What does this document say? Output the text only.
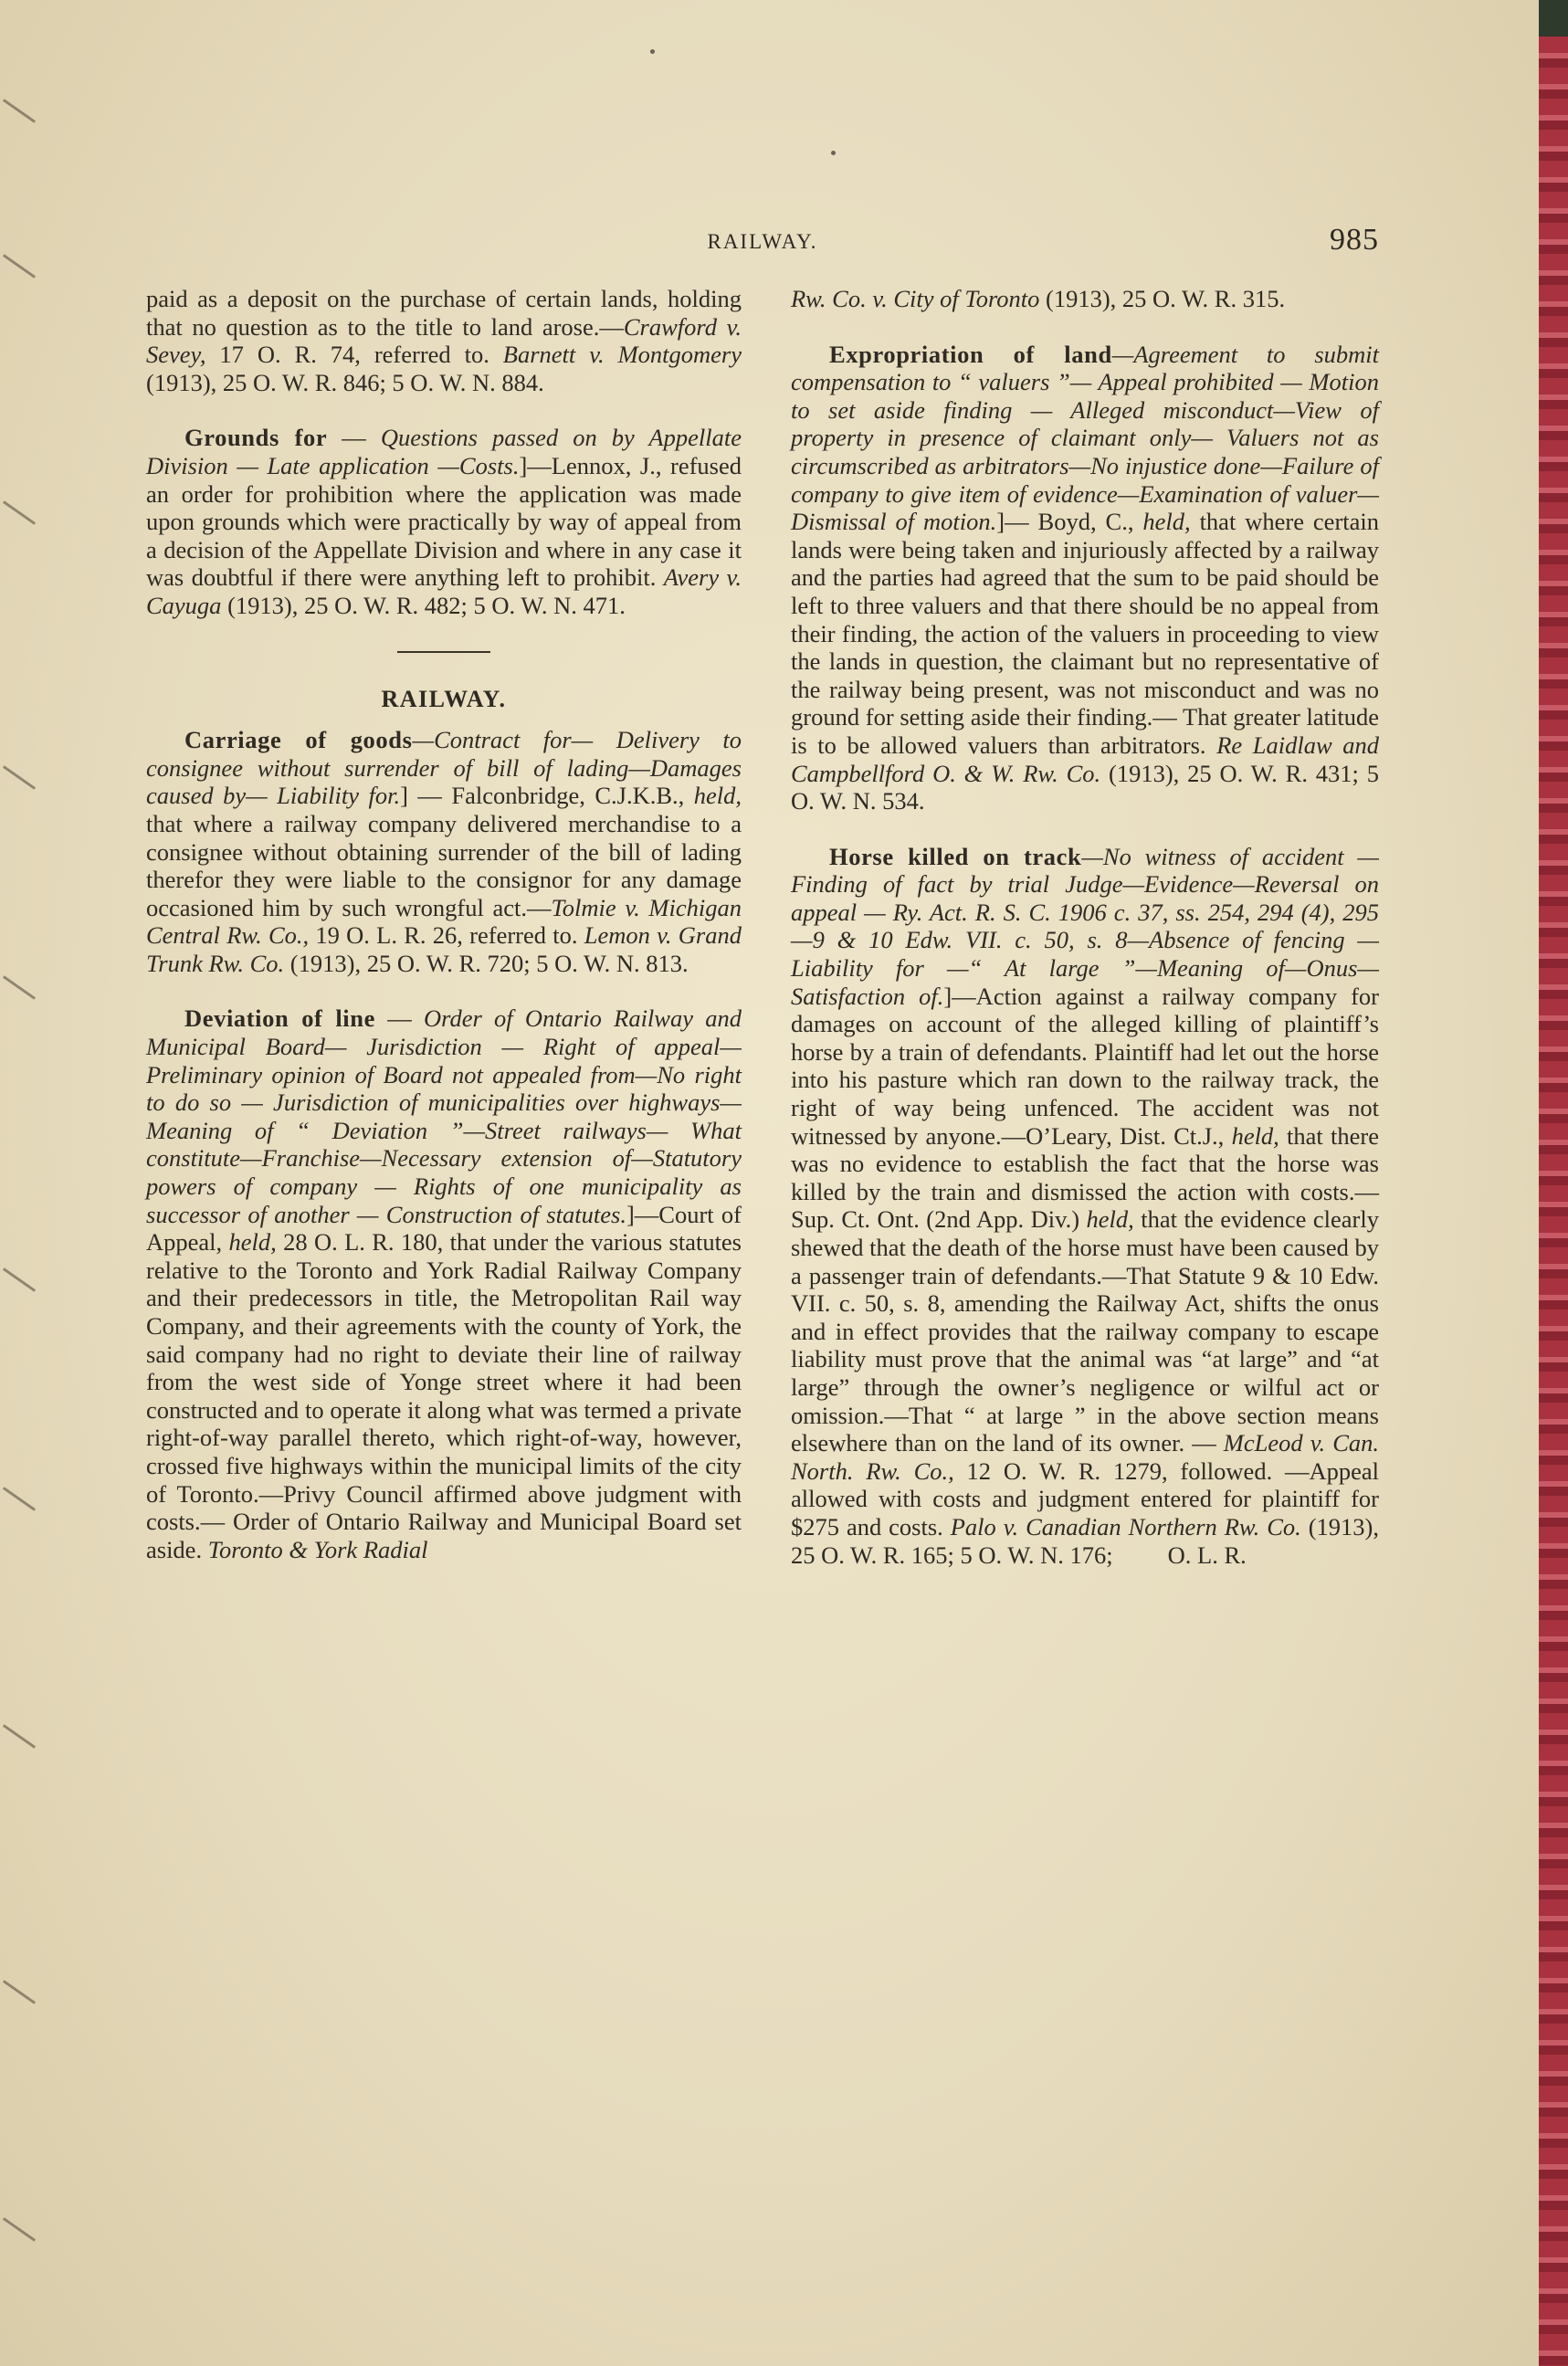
RAILWAY.	985

paid as a deposit on the purchase of certain lands, holding that no question as to the title to land arose.—Crawford v. Sevey, 17 O. R. 74, referred to. Barnett v. Montgomery (1913), 25 O. W. R. 846; 5 O. W. N. 884.

Grounds for — Questions passed on by Appellate Division — Late application —Costs.]—Lennox, J., refused an order for prohibition where the application was made upon grounds which were practically by way of appeal from a decision of the Appellate Division and where in any case it was doubtful if there were anything left to prohibit. Avery v. Cayuga (1913), 25 O. W. R. 482; 5 O. W. N. 471.

RAILWAY.

Carriage of goods—Contract for— Delivery to consignee without surrender of bill of lading—Damages caused by— Liability for.] — Falconbridge, C.J.K.B., held, that where a railway company delivered merchandise to a consignee without obtaining surrender of the bill of lading therefor they were liable to the consignor for any damage occasioned him by such wrongful act.—Tolmie v. Michigan Central Rw. Co., 19 O. L. R. 26, referred to. Lemon v. Grand Trunk Rw. Co. (1913), 25 O. W. R. 720; 5 O. W. N. 813.

Deviation of line — Order of Ontario Railway and Municipal Board— Jurisdiction — Right of appeal—Preliminary opinion of Board not appealed from—No right to do so — Jurisdiction of municipalities over highways—Meaning of “ Deviation ”—Street railways— What constitute—Franchise—Necessary extension of—Statutory powers of company — Rights of one municipality as successor of another — Construction of statutes.]—Court of Appeal, held, 28 O. L. R. 180, that under the various statutes relative to the Toronto and York Radial Railway Company and their predecessors in title, the Metropolitan Rail way Company, and their agreements with the county of York, the said company had no right to deviate their line of railway from the west side of Yonge street where it had been constructed and to operate it along what was termed a private right-of-way parallel thereto, which right-of-way, however, crossed five highways within the municipal limits of the city of Toronto.—Privy Council affirmed above judgment with costs.— Order of Ontario Railway and Municipal Board set aside. Toronto & York Radial

Rw. Co. v. City of Toronto (1913), 25 O. W. R. 315.

Expropriation of land—Agreement to submit compensation to “ valuers ”— Appeal prohibited — Motion to set aside finding — Alleged misconduct—View of property in presence of claimant only— Valuers not as circumscribed as arbitrators—No injustice done—Failure of company to give item of evidence—Examination of valuer—Dismissal of motion.]— Boyd, C., held, that where certain lands were being taken and injuriously affected by a railway and the parties had agreed that the sum to be paid should be left to three valuers and that there should be no appeal from their finding, the action of the valuers in proceeding to view the lands in question, the claimant but no representative of the railway being present, was not misconduct and was no ground for setting aside their finding.— That greater latitude is to be allowed valuers than arbitrators. Re Laidlaw and Campbellford O. & W. Rw. Co. (1913), 25 O. W. R. 431; 5 O. W. N. 534.

Horse killed on track—No witness of accident — Finding of fact by trial Judge—Evidence—Reversal on appeal — Ry. Act. R. S. C. 1906 c. 37, ss. 254, 294 (4), 295—9 & 10 Edw. VII. c. 50, s. 8—Absence of fencing — Liability for —“ At large ”—Meaning of—Onus—Satisfaction of.]—Action against a railway company for damages on account of the alleged killing of plaintiff’s horse by a train of defendants. Plaintiff had let out the horse into his pasture which ran down to the railway track, the right of way being unfenced. The accident was not witnessed by anyone.—O’Leary, Dist. Ct.J., held, that there was no evidence to establish the fact that the horse was killed by the train and dismissed the action with costs.—Sup. Ct. Ont. (2nd App. Div.) held, that the evidence clearly shewed that the death of the horse must have been caused by a passenger train of defendants.—That Statute 9 & 10 Edw. VII. c. 50, s. 8, amending the Railway Act, shifts the onus and in effect provides that the railway company to escape liability must prove that the animal was “at large” and “at large” through the owner’s negligence or wilful act or omission.—That “ at large ” in the above section means elsewhere than on the land of its owner. — McLeod v. Can. North. Rw. Co., 12 O. W. R. 1279, followed. —Appeal allowed with costs and judgment entered for plaintiff for $275 and costs. Palo v. Canadian Northern Rw. Co. (1913), 25 O. W. R. 165; 5 O. W. N. 176; O. L. R.
